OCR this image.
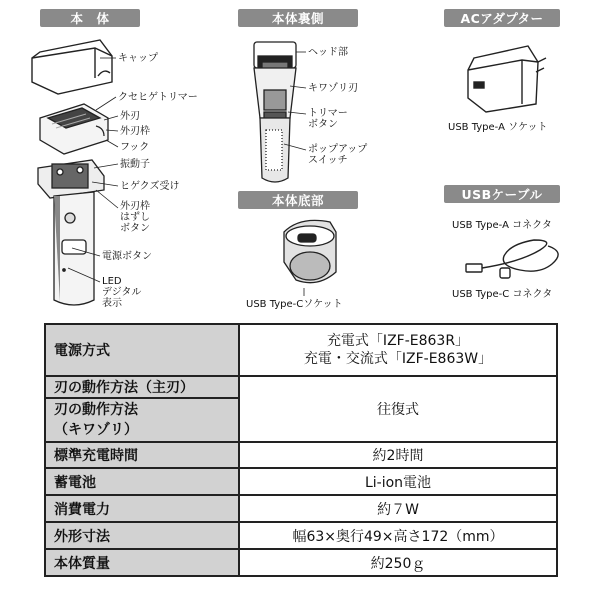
本　体	本体裏側
本体底部
ACアダプター
USBケーブル
キャップ
クセヒゲトリマー
外刃
外刃枠
フック
振動子
ヒゲクズ受け
外刃枠
はずし
ボタン
電源ボタン
LED
デジタル
表示
ヘッド部
キワゾリ刃
トリマー
ボタン
ポップアップ
スイッチ
USB Type-Cソケット
USB Type-A ソケット
USB Type-A コネクタ
USB Type-C コネクタ
電源方式	充電式「IZF-E863R」
充電・交流式「IZF-E863W」

刃の動作方法（主刃）	往復式
刃の動作方法
（キワゾリ）	
標準充電時間	約2時間
蓄電池	Li-ion電池
消費電力	約７W
外形寸法	幅63×奥行49×高さ172（mm）
本体質量	約250ｇ
